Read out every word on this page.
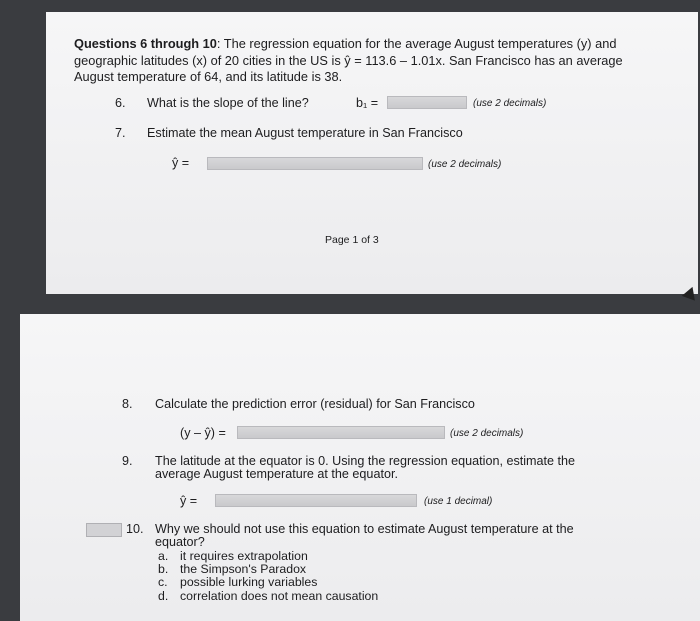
Questions 6 through 10: The regression equation for the average August temperatures (y) and geographic latitudes (x) of 20 cities in the US is ŷ = 113.6 – 1.01x. San Francisco has an average August temperature of 64, and its latitude is 38.
6. What is the slope of the line?	b₁ =	(use 2 decimals)
7. Estimate the mean August temperature in San Francisco
ŷ =	(use 2 decimals)
Page 1 of 3
8. Calculate the prediction error (residual) for San Francisco
(y – ŷ) =	(use 2 decimals)
9. The latitude at the equator is 0. Using the regression equation, estimate the
average August temperature at the equator.
ŷ =	(use 1 decimal)
10. Why we should not use this equation to estimate August temperature at the
equator?
a. it requires extrapolation
b. the Simpson's Paradox
c. possible lurking variables
d. correlation does not mean causation
